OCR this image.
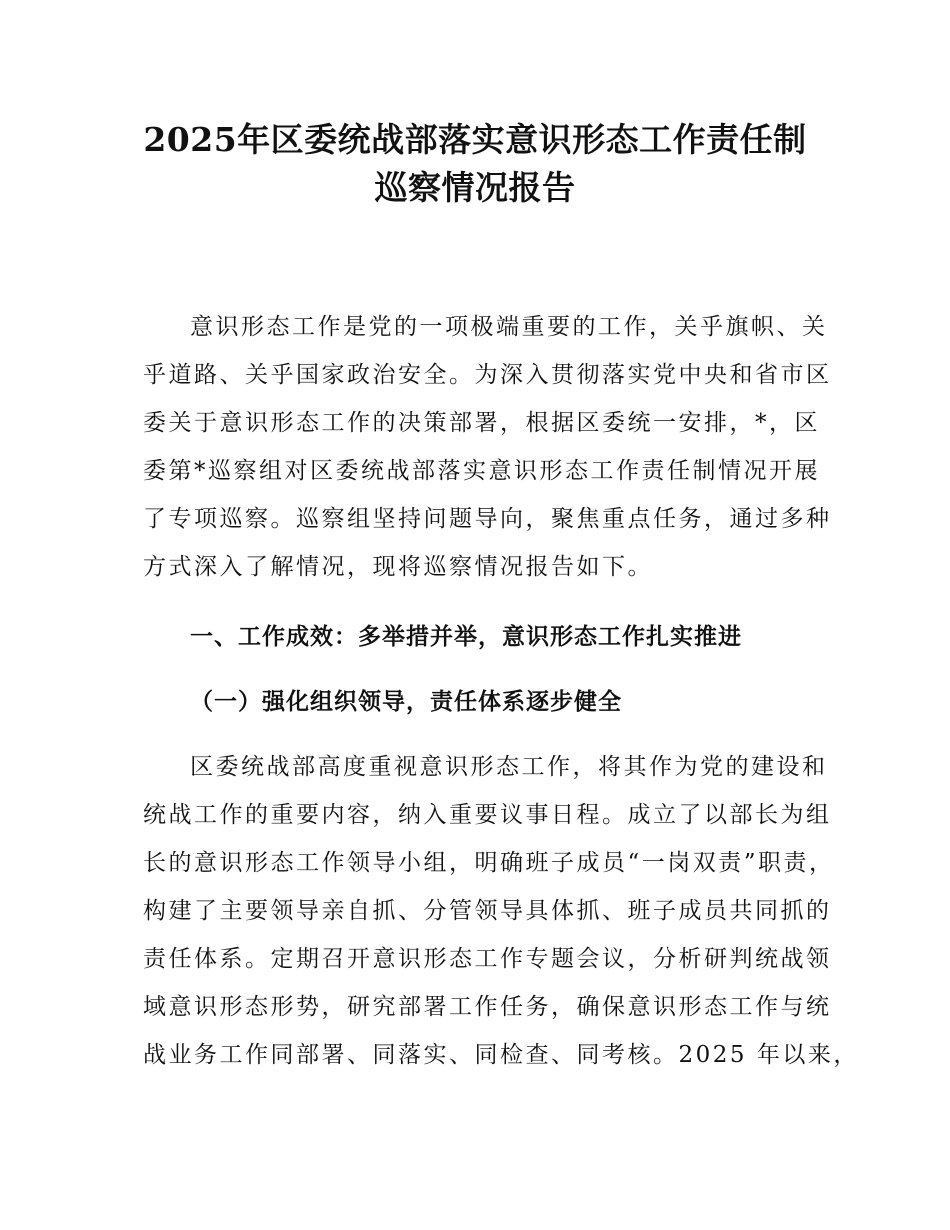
2025年区委统战部落实意识形态工作责任制
巡察情况报告
意识形态工作是党的一项极端重要的工作，关乎旗帜、关
乎道路、关乎国家政治安全。为深入贯彻落实党中央和省市区
委关于意识形态工作的决策部署，根据区委统一安排，*，区
委第*巡察组对区委统战部落实意识形态工作责任制情况开展
了专项巡察。巡察组坚持问题导向，聚焦重点任务，通过多种
方式深入了解情况，现将巡察情况报告如下。
一、工作成效：多举措并举，意识形态工作扎实推进
（一）强化组织领导，责任体系逐步健全
区委统战部高度重视意识形态工作，将其作为党的建设和
统战工作的重要内容，纳入重要议事日程。成立了以部长为组
长的意识形态工作领导小组，明确班子成员“一岗双责”职责，
构建了主要领导亲自抓、分管领导具体抓、班子成员共同抓的
责任体系。定期召开意识形态工作专题会议，分析研判统战领
域意识形态形势，研究部署工作任务，确保意识形态工作与统
战业务工作同部署、同落实、同检查、同考核。2025 年以来，
